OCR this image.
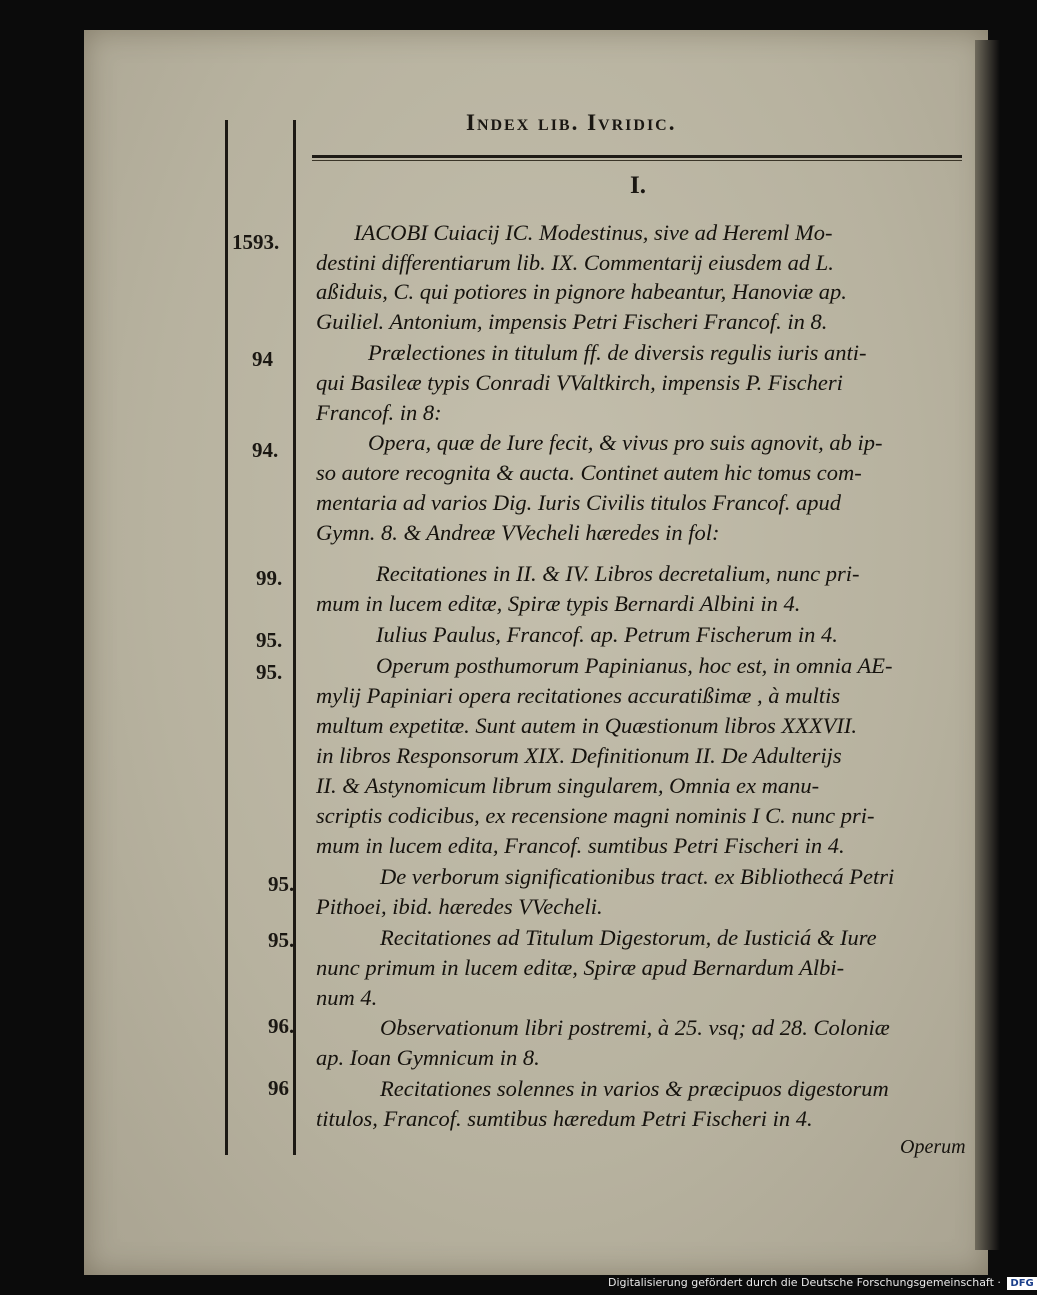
Index lib. Ivridic.
I.
1593.
94
94.
99.
95.
95.
95.
95.
96.
96
IACOBI Cuiacij IC. Modestinus, sive ad Hereml Mo-
destini differentiarum lib. IX. Commentarij eiusdem ad L.
aßiduis, C. qui potiores in pignore habeantur, Hanoviæ ap.
Guiliel. Antonium, impensis Petri Fischeri Francof. in 8.
Prælectiones in titulum ff. de diversis regulis iuris anti-
qui Basileæ typis Conradi VValtkirch, impensis P. Fischeri
Francof. in 8:
Opera, quæ de Iure fecit, & vivus pro suis agnovit, ab ip-
so autore recognita & aucta. Continet autem hic tomus com-
mentaria ad varios Dig. Iuris Civilis titulos Francof. apud
Gymn. 8. & Andreæ VVecheli hæredes in fol:
Recitationes in II. & IV. Libros decretalium, nunc pri-
mum in lucem editæ, Spiræ typis Bernardi Albini in 4.
Iulius Paulus, Francof. ap. Petrum Fischerum in 4.
Operum posthumorum Papinianus, hoc est, in omnia AE-
mylij Papiniari opera recitationes accuratißimæ , à multis
multum expetitæ. Sunt autem in Quæstionum libros XXXVII.
in libros Responsorum XIX. Definitionum II. De Adulterijs
II. & Astynomicum librum singularem, Omnia ex manu-
scriptis codicibus, ex recensione magni nominis I C. nunc pri-
mum in lucem edita, Francof. sumtibus Petri Fischeri in 4.
De verborum significationibus tract. ex Bibliothecá Petri
Pithoei, ibid. hæredes VVecheli.
Recitationes ad Titulum Digestorum, de Iusticiá & Iure
nunc primum in lucem editæ, Spiræ apud Bernardum Albi-
num 4.
Observationum libri postremi, à 25. vsq; ad 28. Coloniæ
ap. Ioan Gymnicum in 8.
Recitationes solennes in varios & præcipuos digestorum
titulos, Francof. sumtibus hæredum Petri Fischeri in 4.
Operum
Digitalisierung gefördert durch die Deutsche Forschungsgemeinschaft · DFG
